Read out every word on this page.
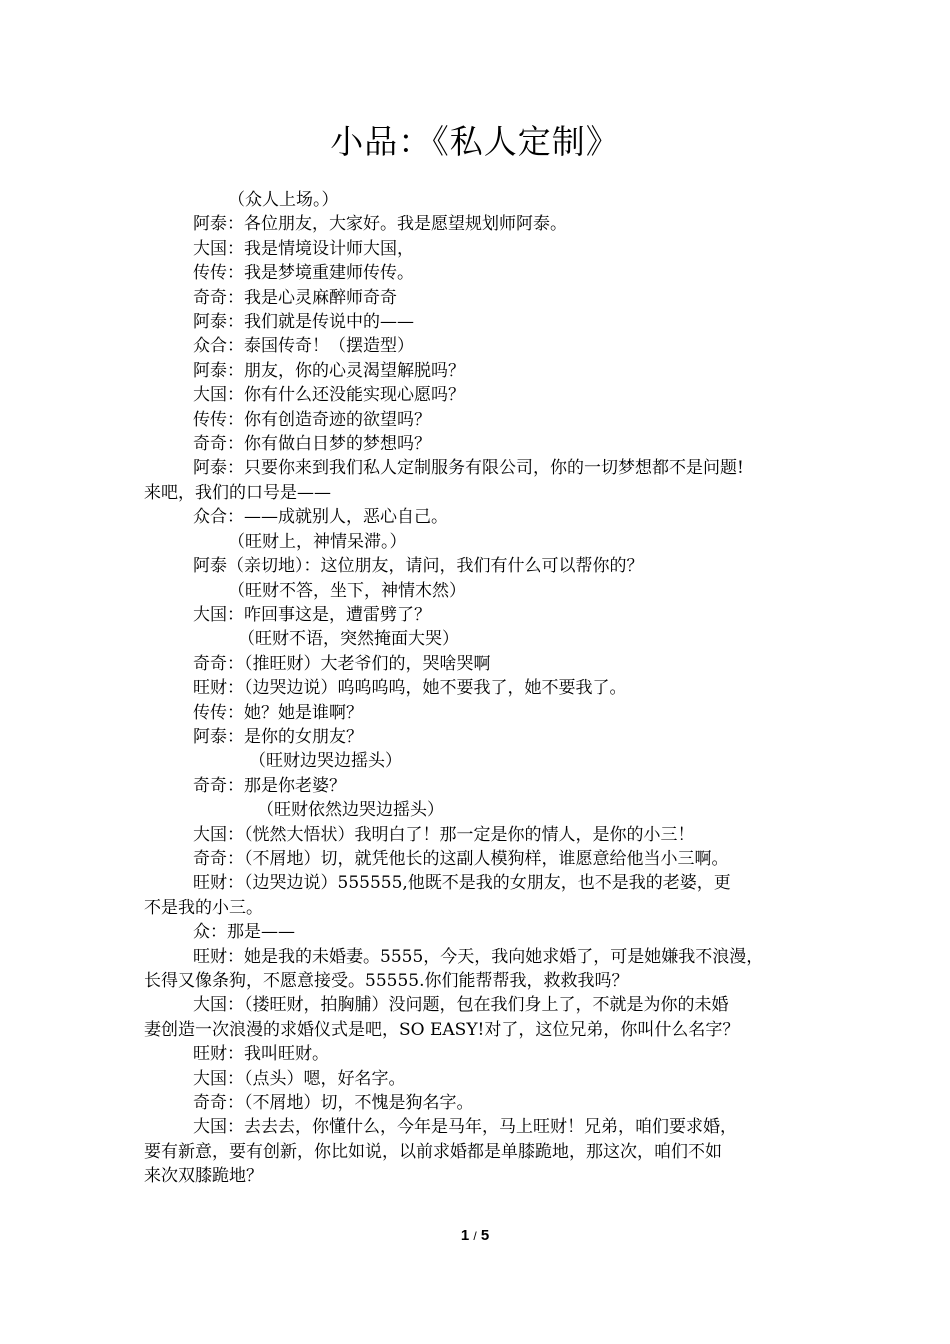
小品：《私人定制》

（众人上场。）

阿泰：各位朋友，大家好。我是愿望规划师阿泰。

大国：我是情境设计师大国，

传传：我是梦境重建师传传。

奇奇：我是心灵麻醉师奇奇

阿泰：我们就是传说中的——

众合：泰国传奇！（摆造型）

阿泰：朋友，你的心灵渴望解脱吗？

大国：你有什么还没能实现心愿吗？

传传：你有创造奇迹的欲望吗？

奇奇：你有做白日梦的梦想吗？

阿泰：只要你来到我们私人定制服务有限公司，你的一切梦想都不是问题!

来吧，我们的口号是——

众合：——成就别人，恶心自己。

（旺财上，神情呆滞。）

阿泰（亲切地）：这位朋友，请问，我们有什么可以帮你的？

（旺财不答，坐下，神情木然）

大国：咋回事这是，遭雷劈了？

（旺财不语，突然掩面大哭）

奇奇：（推旺财）大老爷们的，哭啥哭啊

旺财：（边哭边说）呜呜呜呜，她不要我了，她不要我了。

传传：她？她是谁啊？

阿泰：是你的女朋友？

（旺财边哭边摇头）

奇奇：那是你老婆？

（旺财依然边哭边摇头）

大国：（恍然大悟状）我明白了！那一定是你的情人，是你的小三！

奇奇：（不屑地）切，就凭他长的这副人模狗样，谁愿意给他当小三啊。

旺财：（边哭边说）555555,他既不是我的女朋友，也不是我的老婆，更

不是我的小三。

众：那是——

旺财：她是我的未婚妻。5555，今天，我向她求婚了，可是她嫌我不浪漫，

长得又像条狗，不愿意接受。55555.你们能帮帮我，救救我吗？

大国：（搂旺财，拍胸脯）没问题，包在我们身上了，不就是为你的未婚

妻创造一次浪漫的求婚仪式是吧，SO EASY!对了，这位兄弟，你叫什么名字？

旺财：我叫旺财。

大国：（点头）嗯，好名字。

奇奇：（不屑地）切，不愧是狗名字。

大国：去去去，你懂什么，今年是马年，马上旺财！兄弟，咱们要求婚，

要有新意，要有创新，你比如说，以前求婚都是单膝跪地，那这次，咱们不如

来次双膝跪地？

1 / 5
